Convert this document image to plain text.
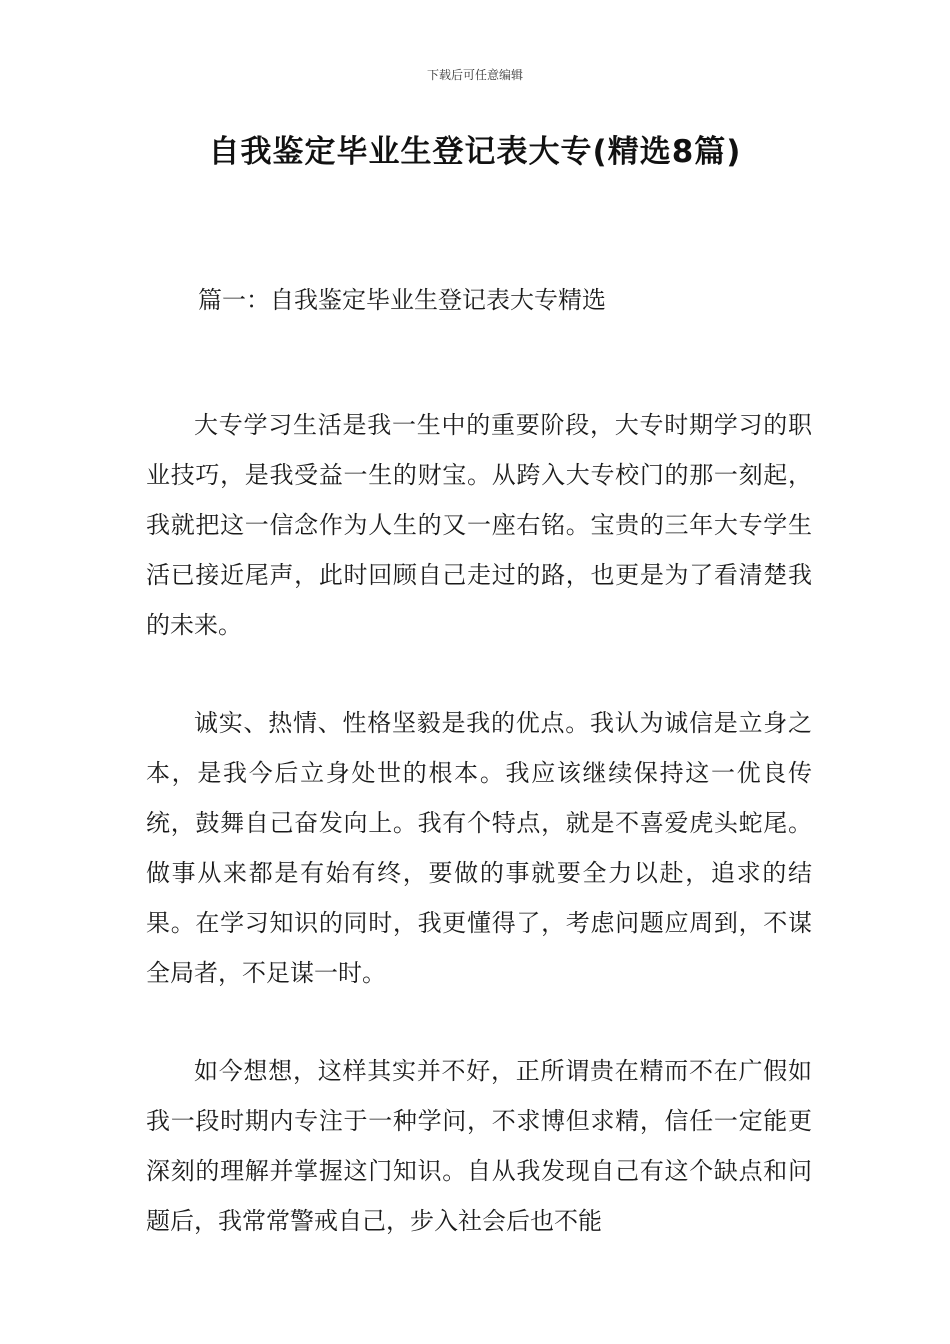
下载后可任意编辑
自我鉴定毕业生登记表大专(精选8篇)
篇一：自我鉴定毕业生登记表大专精选

大专学习生活是我一生中的重要阶段，大专时期学习的职业技巧，是我受益一生的财宝。从跨入大专校门的那一刻起，我就把这一信念作为人生的又一座右铭。宝贵的三年大专学生活已接近尾声，此时回顾自己走过的路，也更是为了看清楚我的未来。

诚实、热情、性格坚毅是我的优点。我认为诚信是立身之本，是我今后立身处世的根本。我应该继续保持这一优良传统，鼓舞自己奋发向上。我有个特点，就是不喜爱虎头蛇尾。做事从来都是有始有终，要做的事就要全力以赴，追求的结果。在学习知识的同时，我更懂得了，考虑问题应周到，不谋全局者，不足谋一时。

如今想想，这样其实并不好，正所谓贵在精而不在广假如我一段时期内专注于一种学问，不求博但求精，信任一定能更深刻的理解并掌握这门知识。自从我发现自己有这个缺点和问题后，我常常警戒自己，步入社会后也不能
